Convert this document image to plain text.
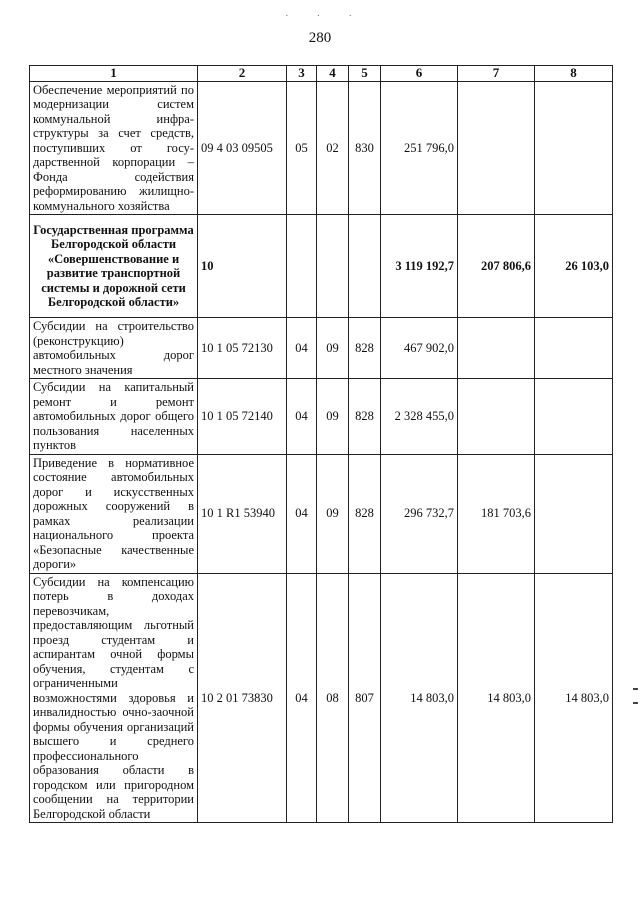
···
280
1	2	3	4	5	6	7	8
Обеспечение мероприятий по модернизации систем коммунальной инфра-структуры за счет средств, поступивших от госу-дарственной корпорации – Фонда содействия реформированию жилищно-коммунального хозяйства	09 4 03 09505	05	02	830	251 796,0		
Государственная программа Белгородской области «Совершенствование и развитие транспортной системы и дорожной сети Белгородской области»	10				3 119 192,7	207 806,6	26 103,0
Субсидии на строительство (реконструкцию) автомобильных дорог местного значения	10 1 05 72130	04	09	828	467 902,0		
Субсидии на капитальный ремонт и ремонт автомобильных дорог общего пользования населенных пунктов	10 1 05 72140	04	09	828	2 328 455,0		
Приведение в нормативное состояние автомобильных дорог и искусственных дорожных сооружений в рамках реализации национального проекта «Безопасные качественные дороги»	10 1 R1 53940	04	09	828	296 732,7	181 703,6	
Субсидии на компенсацию потерь в доходах перевозчикам, предоставляющим льготный проезд студентам и аспирантам очной формы обучения, студентам с ограниченными возможностями здоровья и инвалидностью очно-заочной формы обучения организаций высшего и среднего профессионального образования области в городском или пригородном сообщении на территории Белгородской области	10 2 01 73830	04	08	807	14 803,0	14 803,0	14 803,0
